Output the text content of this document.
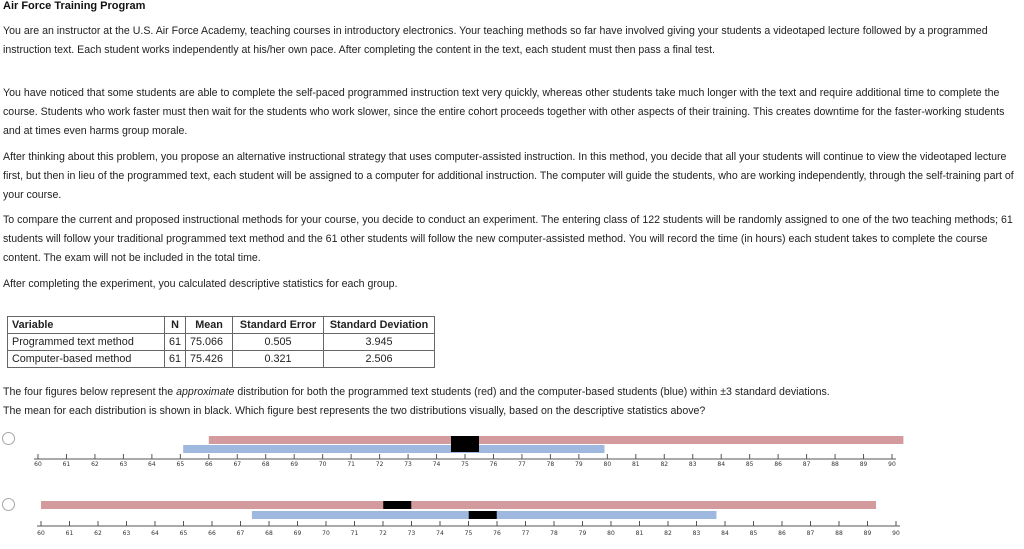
Air Force Training Program

You are an instructor at the U.S. Air Force Academy, teaching courses in introductory electronics. Your teaching methods so far have involved giving your students a videotaped lecture followed by a programmed instruction text. Each student works independently at his/her own pace. After completing the content in the text, each student must then pass a final test.

You have noticed that some students are able to complete the self-paced programmed instruction text very quickly, whereas other students take much longer with the text and require additional time to complete the course. Students who work faster must then wait for the students who work slower, since the entire cohort proceeds together with other aspects of their training. This creates downtime for the faster-working students and at times even harms group morale.

After thinking about this problem, you propose an alternative instructional strategy that uses computer-assisted instruction. In this method, you decide that all your students will continue to view the videotaped lecture first, but then in lieu of the programmed text, each student will be assigned to a computer for additional instruction. The computer will guide the students, who are working independently, through the self-training part of your course.

To compare the current and proposed instructional methods for your course, you decide to conduct an experiment. The entering class of 122 students will be randomly assigned to one of the two teaching methods; 61 students will follow your traditional programmed text method and the 61 other students will follow the new computer-assisted method. You will record the time (in hours) each student takes to complete the course content. The exam will not be included in the total time.

After completing the experiment, you calculated descriptive statistics for each group.

Variable	N	Mean	Standard Error	Standard Deviation
Programmed text method	61	75.066	0.505	3.945
Computer-based method	61	75.426	0.321	2.506

The four figures below represent the approximate distribution for both the programmed text students (red) and the computer-based students (blue) within ±3 standard deviations.

The mean for each distribution is shown in black. Which figure best represents the two distributions visually, based on the descriptive statistics above?

60	61	62	63	64	65	66	67	68	69	70	71	72	73	74	75	76	77	78	79	80	81	82	83	84	85	86	87	88	89	90
60	61	62	63	64	65	66	67	68	69	70	71	72	73	74	75	76	77	78	79	80	81	82	83	84	85	86	87	88	89	90
